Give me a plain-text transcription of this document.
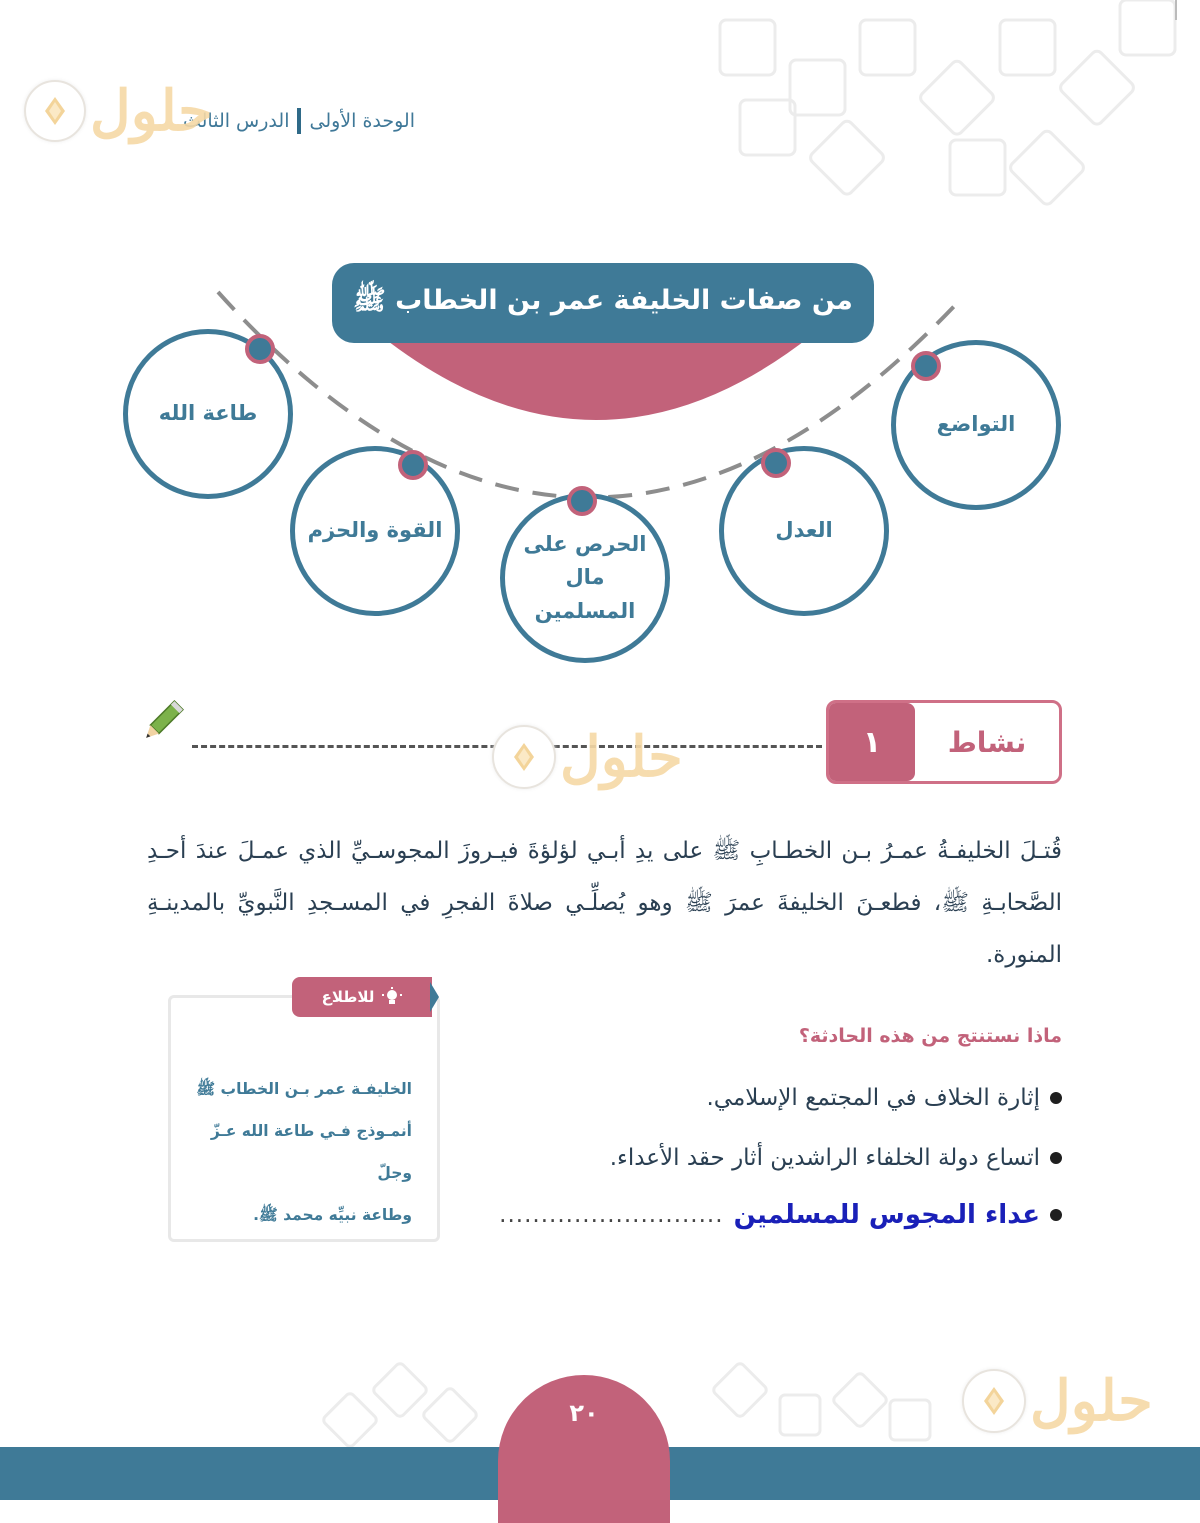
الوحدة الأولى
الدرس الثالث
حلول
من صفات الخليفة عمر بن الخطاب ﷺ
التواضع
العدل
الحرص على مال المسلمين
القوة والحزم
طاعة الله
حلول	نشاط
١
قُتـلَ الخليفـةُ عمـرُ بـن الخطـابِ ﷺ على يدِ أبـي لؤلؤةَ فيـروزَ المجوسـيِّ الذي عمـلَ عندَ أحـدِ الصَّحابـةِ ﷺ، فطعـنَ الخليفةَ عمرَ ﷺ وهو يُصلِّـي صلاةَ الفجرِ في المسـجدِ النَّبويِّ بالمدينـةِ المنورة.
للاطلاع
الخليفـة عمر بـن الخطاب ﷺ
أنمـوذج فـي طاعة الله عـزّ وجلّ
وطاعة نبيِّه محمد ﷺ.
ماذا نستنتج من هذه الحادثة؟
إثارة الخلاف في المجتمع الإسلامي.
اتساع دولة الخلفاء الراشدين أثار حقد الأعداء.
عداء المجوس للمسلمين
...........................
حلول
٢٠
